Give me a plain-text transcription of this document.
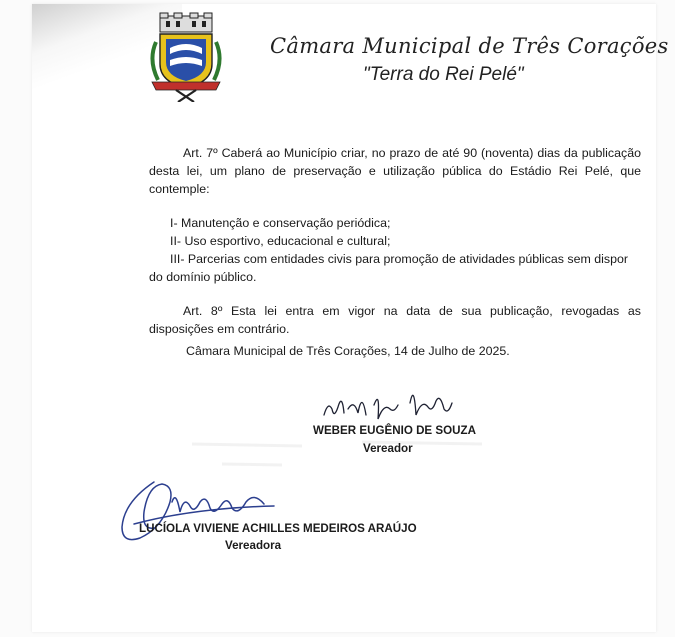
Câmara Municipal de Três Corações
"Terra do Rei Pelé"

Art. 7º Caberá ao Município criar, no prazo de até 90 (noventa) dias da publicação desta lei, um plano de preservação e utilização pública do Estádio Rei Pelé, que contemple:

I- Manutenção e conservação periódica;

II- Uso esportivo, educacional e cultural;

III- Parcerias com entidades civis para promoção de atividades públicas sem dispor do domínio público.

Art. 8º Esta lei entra em vigor na data de sua publicação, revogadas as disposições em contrário.

Câmara Municipal de Três Corações, 14 de Julho de 2025.
WEBER EUGÊNIO DE SOUZA
Vereador
LUCÍOLA VIVIENE ACHILLES MEDEIROS ARAÚJO
Vereadora
